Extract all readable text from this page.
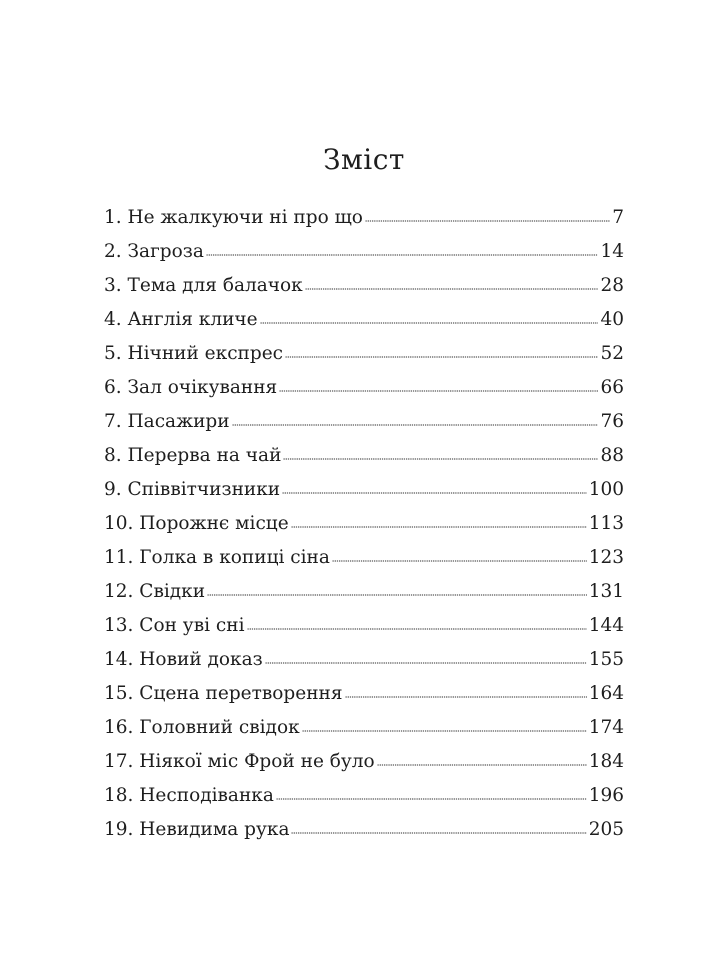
Зміст
1. Не жалкуючи ні про що	7
2. Загроза	14
3. Тема для балачок	28
4. Англія кличе	40
5. Нічний експрес	52
6. Зал очікування	66
7. Пасажири	76
8. Перерва на чай	88
9. Співвітчизники	100
10. Порожнє місце	113
11. Голка в копиці сіна	123
12. Свідки	131
13. Сон уві сні	144
14. Новий доказ	155
15. Сцена перетворення	164
16. Головний свідок	174
17. Ніякої міс Фрой не було	184
18. Несподіванка	196
19. Невидима рука	205
